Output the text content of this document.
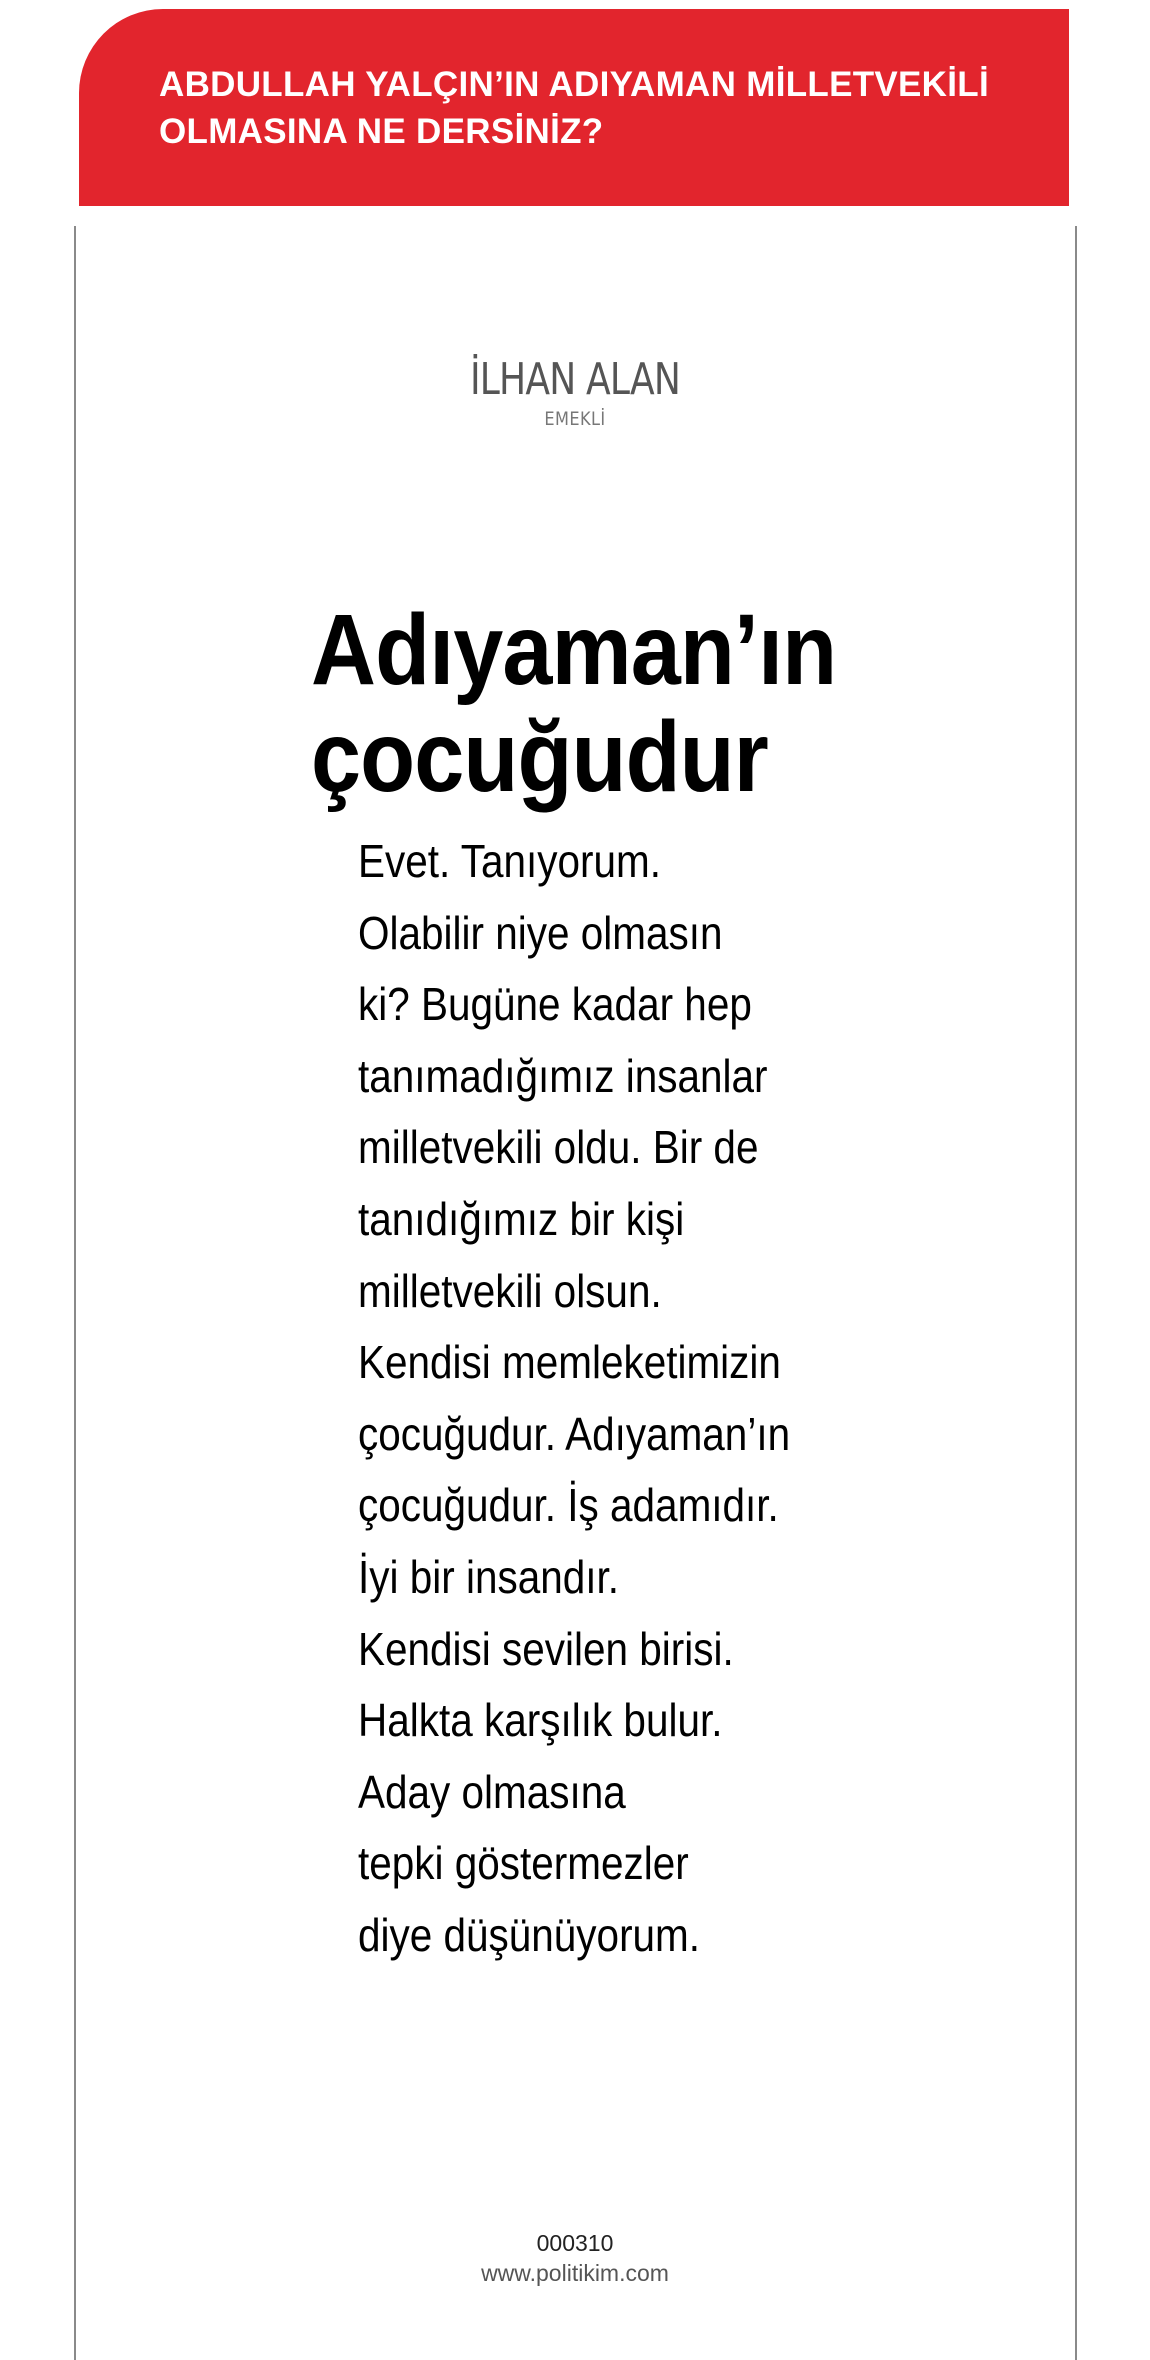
ABDULLAH YALÇIN’IN ADIYAMAN MİLLETVEKİLİ
OLMASINA NE DERSİNİZ?
İLHAN ALAN
EMEKLİ
Adıyaman’ın
çocuğudur
Evet. Tanıyorum.
Olabilir niye olmasın
ki? Bugüne kadar hep
tanımadığımız insanlar
milletvekili oldu. Bir de
tanıdığımız bir kişi
milletvekili olsun.
Kendisi memleketimizin
çocuğudur. Adıyaman’ın
çocuğudur. İş adamıdır.
İyi bir insandır.
Kendisi sevilen birisi.
Halkta karşılık bulur.
Aday olmasına
tepki göstermezler
diye düşünüyorum.
000310
www.politikim.com
